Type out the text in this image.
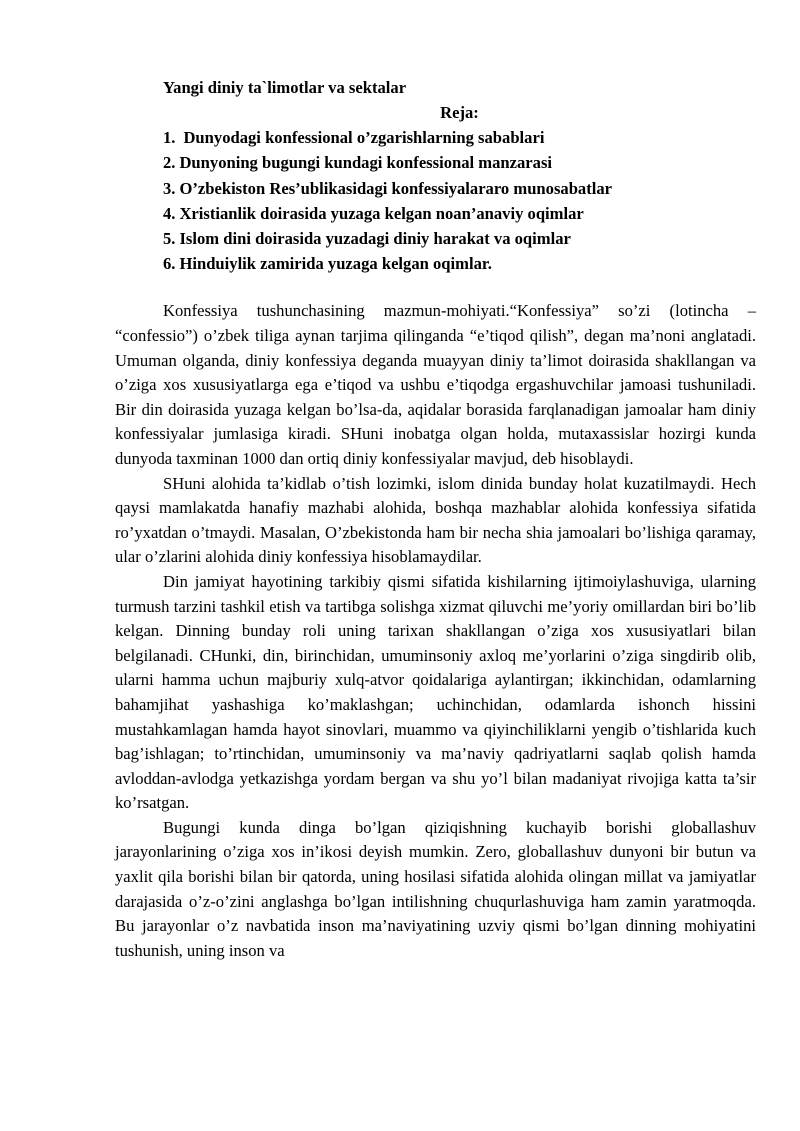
Yangi diniy ta`limotlar va sektalar

Reja:

1. Dunyodagi konfessional o’zgarishlarning sabablari
2. Dunyoning bugungi kundagi konfessional manzarasi
3. O’zbekiston Res’ublikasidagi konfessiyalararo munosabatlar
4. Xristianlik doirasida yuzaga kelgan noan’anaviy oqimlar
5. Islom dini doirasida yuzadagi diniy harakat va oqimlar
6. Hinduiylik zamirida yuzaga kelgan oqimlar.

Konfessiya tushunchasining mazmun-mohiyati.“Konfessiya” so’zi (lotincha – “confessio”) o’zbek tiliga aynan tarjima qilinganda “e’tiqod qilish”, degan ma’noni anglatadi. Umuman olganda, diniy konfessiya deganda muayyan diniy ta’limot doirasida shakllangan va o’ziga xos xususiyatlarga ega e’tiqod va ushbu e’tiqodga ergashuvchilar jamoasi tushuniladi. Bir din doirasida yuzaga kelgan bo’lsa-da, aqidalar borasida farqlanadigan jamoalar ham diniy konfessiyalar jumlasiga kiradi. SHuni inobatga olgan holda, mutaxassislar hozirgi kunda dunyoda taxminan 1000 dan ortiq diniy konfessiyalar mavjud, deb hisoblaydi.

SHuni alohida ta’kidlab o’tish lozimki, islom dinida bunday holat kuzatilmaydi. Hech qaysi mamlakatda hanafiy mazhabi alohida, boshqa mazhablar alohida konfessiya sifatida ro’yxatdan o’tmaydi. Masalan, O’zbekistonda ham bir necha shia jamoalari bo’lishiga qaramay, ular o’zlarini alohida diniy konfessiya hisoblamaydilar.

Din jamiyat hayotining tarkibiy qismi sifatida kishilarning ijtimoiylashuviga, ularning turmush tarzini tashkil etish va tartibga solishga xizmat qiluvchi me’yoriy omillardan biri bo’lib kelgan. Dinning bunday roli uning tarixan shakllangan o’ziga xos xususiyatlari bilan belgilanadi. CHunki, din, birinchidan, umuminsoniy axloq me’yorlarini o’ziga singdirib olib, ularni hamma uchun majburiy xulq-atvor qoidalariga aylantirgan; ikkinchidan, odamlarning bahamjihat yashashiga ko’maklashgan; uchinchidan, odamlarda ishonch hissini mustahkamlagan hamda hayot sinovlari, muammo va qiyinchiliklarni yengib o’tishlarida kuch bag’ishlagan; to’rtinchidan, umuminsoniy va ma’naviy qadriyatlarni saqlab qolish hamda avloddan-avlodga yetkazishga yordam bergan va shu yo’l bilan madaniyat rivojiga katta ta’sir ko’rsatgan.

Bugungi kunda dinga bo’lgan qiziqishning kuchayib borishi globallashuv jarayonlarining o’ziga xos in’ikosi deyish mumkin. Zero, globallashuv dunyoni bir butun va yaxlit qila borishi bilan bir qatorda, uning hosilasi sifatida alohida olingan millat va jamiyatlar darajasida o’z-o’zini anglashga bo’lgan intilishning chuqurlashuviga ham zamin yaratmoqda. Bu jarayonlar o’z navbatida inson ma’naviyatining uzviy qismi bo’lgan dinning mohiyatini tushunish, uning inson va
